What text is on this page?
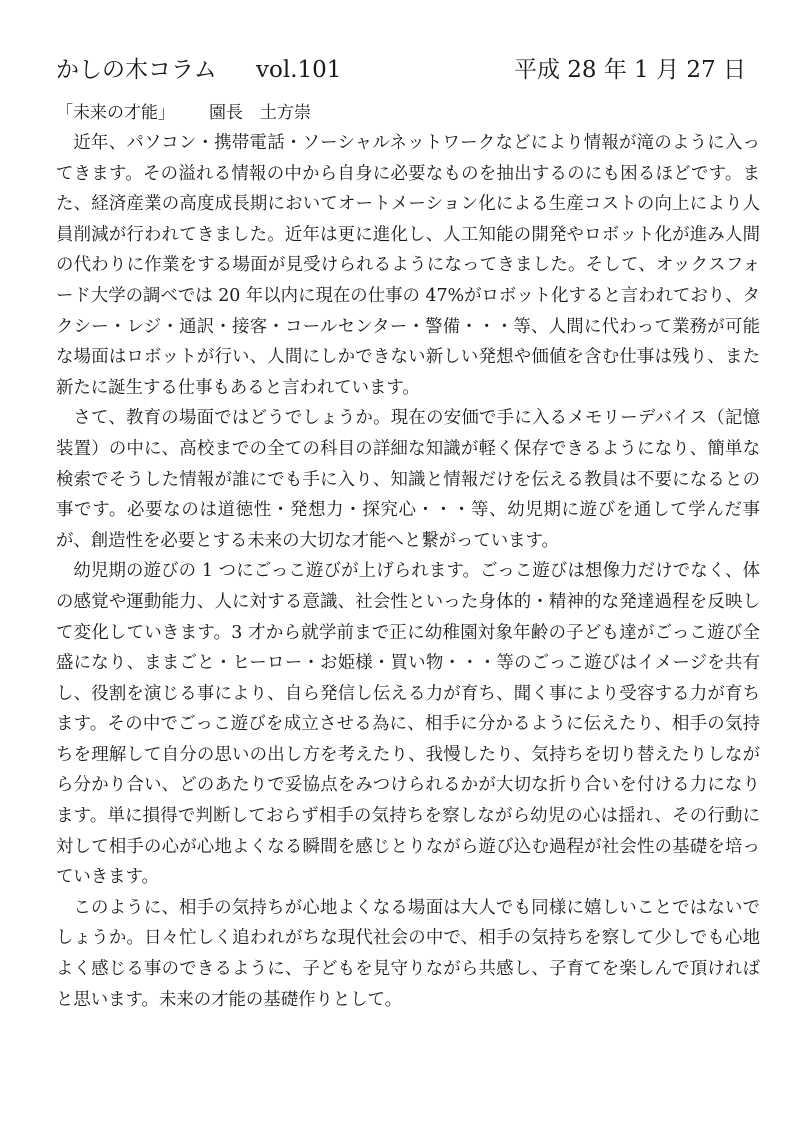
かしの木コラム vol.101	平成 28 年 1 月 27 日
「未来の才能」 園長　土方崇

近年、パソコン・携帯電話・ソーシャルネットワークなどにより情報が滝のように入ってきます。その溢れる情報の中から自身に必要なものを抽出するのにも困るほどです。また、経済産業の高度成長期においてオートメーション化による生産コストの向上により人員削減が行われてきました。近年は更に進化し、人工知能の開発やロボット化が進み人間の代わりに作業をする場面が見受けられるようになってきました。そして、オックスフォード大学の調べでは 20 年以内に現在の仕事の 47%がロボット化すると言われており、タクシー・レジ・通訳・接客・コールセンター・警備・・・等、人間に代わって業務が可能な場面はロボットが行い、人間にしかできない新しい発想や価値を含む仕事は残り、また新たに誕生する仕事もあると言われています。

さて、教育の場面ではどうでしょうか。現在の安価で手に入るメモリーデバイス（記憶装置）の中に、高校までの全ての科目の詳細な知識が軽く保存できるようになり、簡単な検索でそうした情報が誰にでも手に入り、知識と情報だけを伝える教員は不要になるとの事です。必要なのは道徳性・発想力・探究心・・・等、幼児期に遊びを通して学んだ事が、創造性を必要とする未来の大切な才能へと繋がっています。

幼児期の遊びの 1 つにごっこ遊びが上げられます。ごっこ遊びは想像力だけでなく、体の感覚や運動能力、人に対する意識、社会性といった身体的・精神的な発達過程を反映して変化していきます。3 才から就学前まで正に幼稚園対象年齢の子ども達がごっこ遊び全盛になり、ままごと・ヒーロー・お姫様・買い物・・・等のごっこ遊びはイメージを共有し、役割を演じる事により、自ら発信し伝える力が育ち、聞く事により受容する力が育ちます。その中でごっこ遊びを成立させる為に、相手に分かるように伝えたり、相手の気持ちを理解して自分の思いの出し方を考えたり、我慢したり、気持ちを切り替えたりしながら分かり合い、どのあたりで妥協点をみつけられるかが大切な折り合いを付ける力になります。単に損得で判断しておらず相手の気持ちを察しながら幼児の心は揺れ、その行動に対して相手の心が心地よくなる瞬間を感じとりながら遊び込む過程が社会性の基礎を培っていきます。

このように、相手の気持ちが心地よくなる場面は大人でも同様に嬉しいことではないでしょうか。日々忙しく追われがちな現代社会の中で、相手の気持ちを察して少しでも心地よく感じる事のできるように、子どもを見守りながら共感し、子育てを楽しんで頂ければと思います。未来の才能の基礎作りとして。
